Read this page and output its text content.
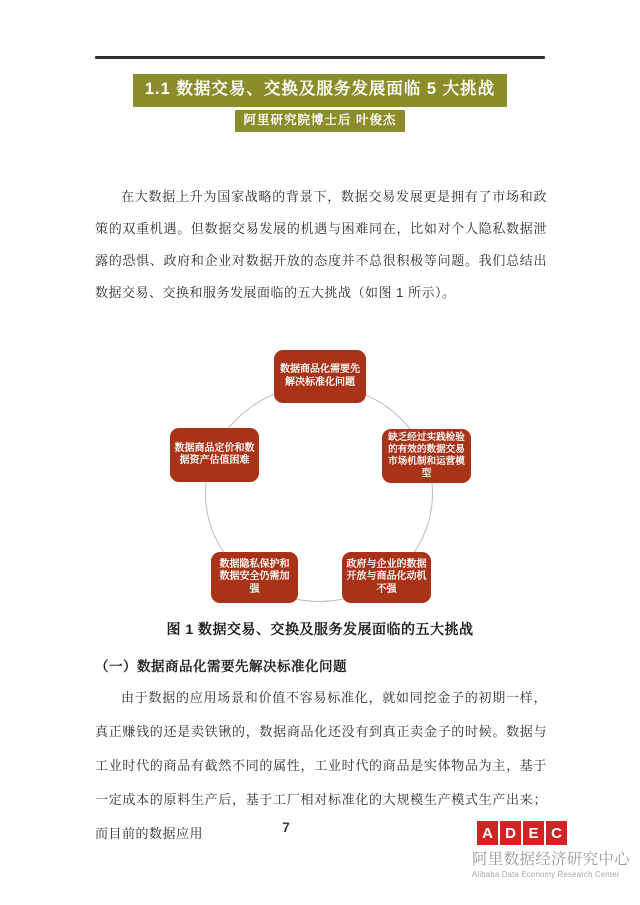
1.1 数据交易、交换及服务发展面临 5 大挑战
阿里研究院博士后 叶俊杰

在大数据上升为国家战略的背景下，数据交易发展更是拥有了市场和政策的双重机遇。但数据交易发展的机遇与困难同在，比如对个人隐私数据泄露的恐惧、政府和企业对数据开放的态度并不总很积极等问题。我们总结出数据交易、交换和服务发展面临的五大挑战（如图 1 所示）。

数据商品化需要先解决标准化问题
缺乏经过实践检验的有效的数据交易市场机制和运营模型
政府与企业的数据开放与商品化动机不强
数据隐私保护和数据安全仍需加强
数据商品定价和数据资产估值困难
图 1 数据交易、交换及服务发展面临的五大挑战
（一）数据商品化需要先解决标准化问题

由于数据的应用场景和价值不容易标准化，就如同挖金子的初期一样，真正赚钱的还是卖铁锹的，数据商品化还没有到真正卖金子的时候。数据与工业时代的商品有截然不同的属性，工业时代的商品是实体物品为主，基于一定成本的原料生产后，基于工厂相对标准化的大规模生产模式生产出来；而目前的数据应用	7	A D E C
阿里数据经济研究中心
Alibaba Data Economy Research Center
